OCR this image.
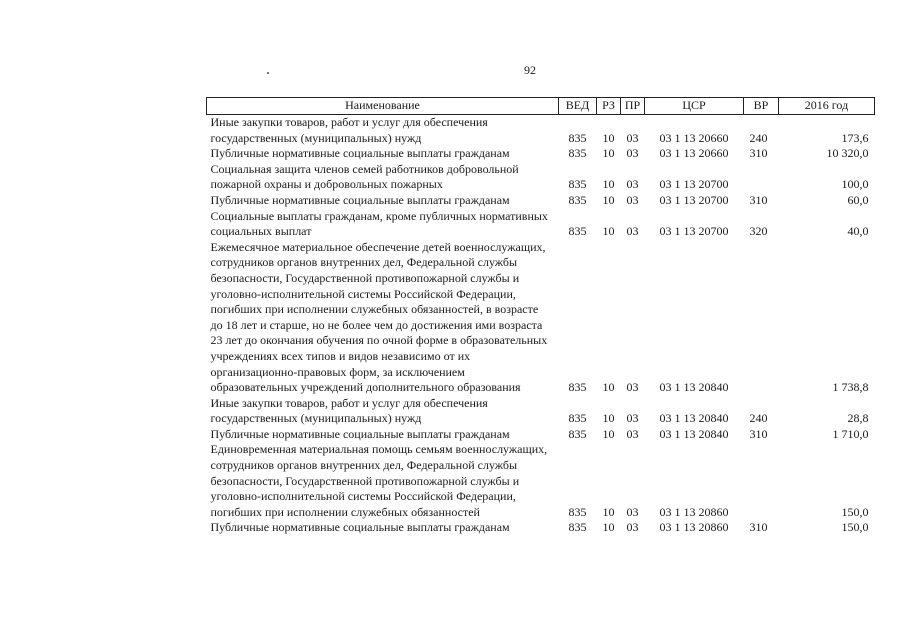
92
Наименование	ВЕД	РЗ	ПР	ЦСР	ВР	2016 год
Иные закупки товаров, работ и услуг для обеспечения государственных (муниципальных) нужд	835	10	03	03 1 13 20660	240	173,6
Публичные нормативные социальные выплаты гражданам	835	10	03	03 1 13 20660	310	10 320,0
Социальная защита членов семей работников добровольной пожарной охраны и добровольных пожарных	835	10	03	03 1 13 20700		100,0
Публичные нормативные социальные выплаты гражданам	835	10	03	03 1 13 20700	310	60,0
Социальные выплаты гражданам, кроме публичных нормативных социальных выплат	835	10	03	03 1 13 20700	320	40,0
Ежемесячное материальное обеспечение детей военнослужащих, сотрудников органов внутренних дел, Федеральной службы безопасности, Государственной противопожарной службы и уголовно-исполнительной системы Российской Федерации, погибших при исполнении служебных обязанностей, в возрасте до 18 лет и старше, но не более чем до достижения ими возраста 23 лет до окончания обучения по очной форме в образовательных учреждениях всех типов и видов независимо от их организационно-правовых форм, за исключением образовательных учреждений дополнительного образования	835	10	03	03 1 13 20840		1 738,8
Иные закупки товаров, работ и услуг для обеспечения государственных (муниципальных) нужд	835	10	03	03 1 13 20840	240	28,8
Публичные нормативные социальные выплаты гражданам	835	10	03	03 1 13 20840	310	1 710,0
Единовременная материальная помощь семьям военнослужащих, сотрудников органов внутренних дел, Федеральной службы безопасности, Государственной противопожарной службы и уголовно-исполнительной системы Российской Федерации, погибших при исполнении служебных обязанностей	835	10	03	03 1 13 20860		150,0
Публичные нормативные социальные выплаты гражданам	835	10	03	03 1 13 20860	310	150,0
